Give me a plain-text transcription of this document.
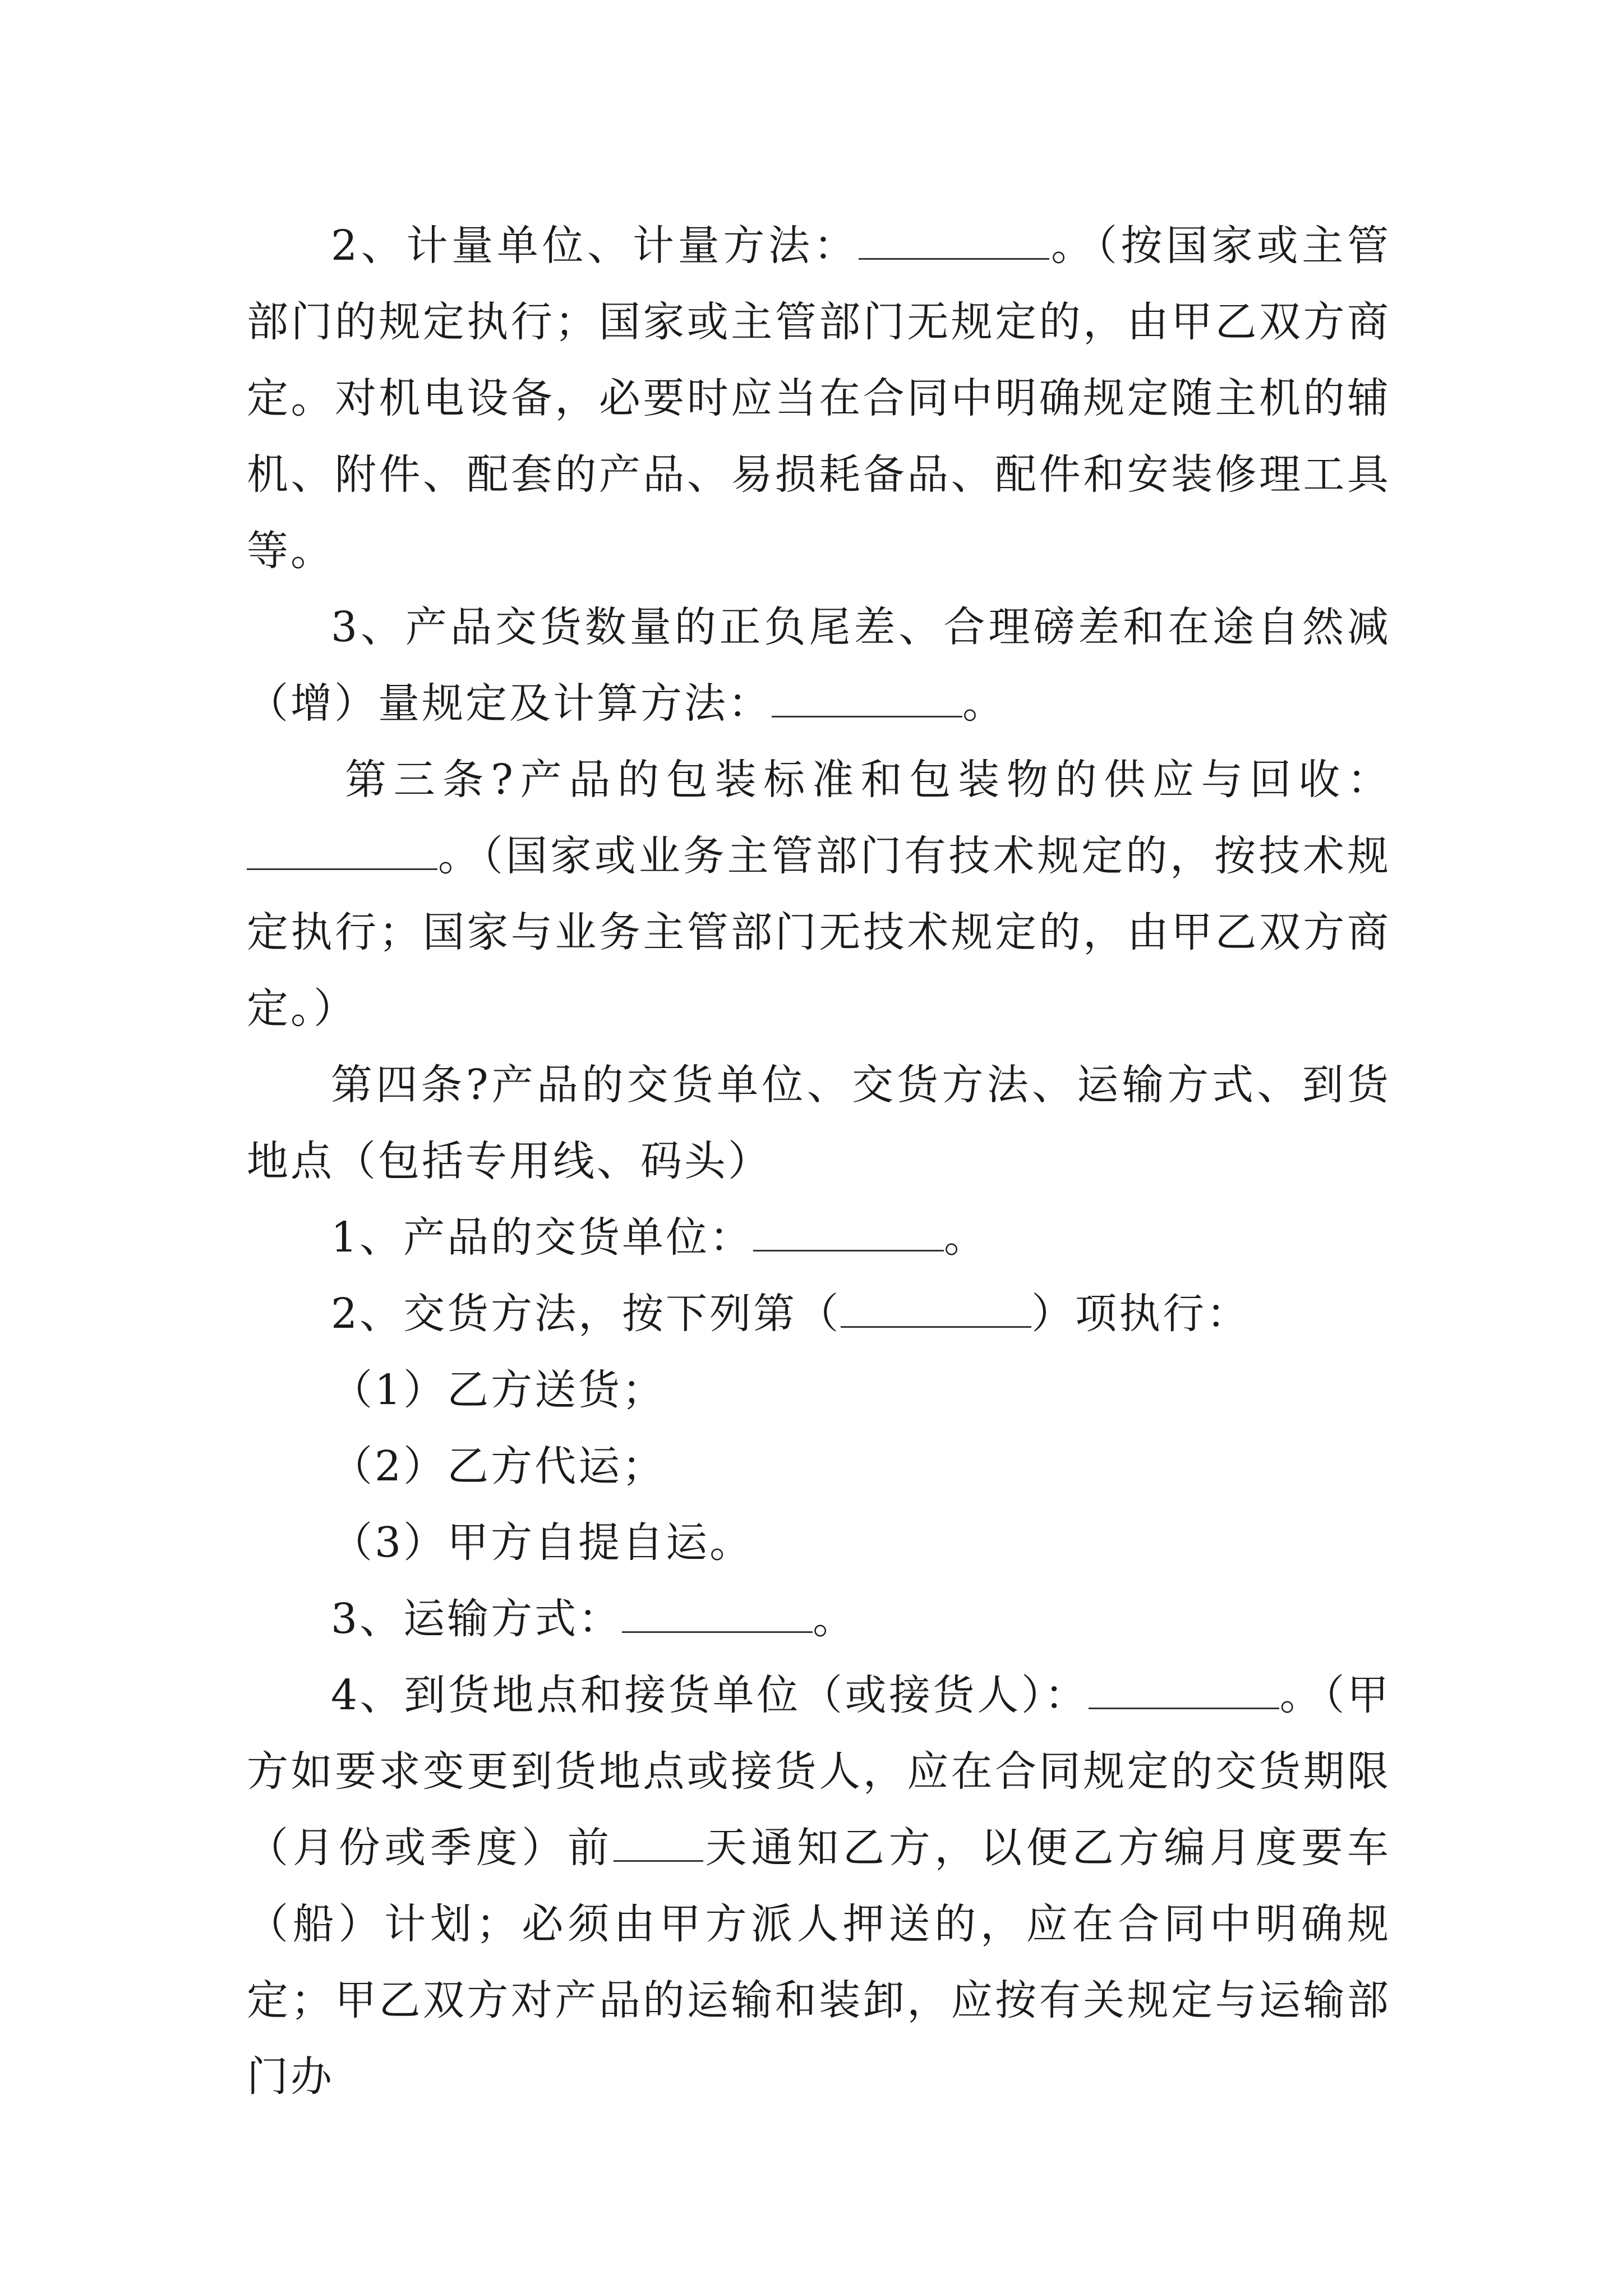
2、计量单位、计量方法：	。（按国家或主管部门的规定执行；国家或主管部门无规定的，由甲乙双方商定。对机电设备，必要时应当在合同中明确规定随主机的辅机、附件、配套的产品、易损耗备品、配件和安装修理工具等。

3、产品交货数量的正负尾差、合理磅差和在途自然减（增）量规定及计算方法：	。

第三条?产品的包装标准和包装物的供应与回收：。（国家或业务主管部门有技术规定的，按技术规定执行；国家与业务主管部门无技术规定的，由甲乙双方商定。）

第四条?产品的交货单位、交货方法、运输方式、到货地点（包括专用线、码头）

1、产品的交货单位：	。

2、交货方法，按下列第（	）项执行：

（1）乙方送货；

（2）乙方代运；

（3）甲方自提自运。

3、运输方式：	。

4、到货地点和接货单位（或接货人）：	。（甲方如要求变更到货地点或接货人，应在合同规定的交货期限（月份或季度）前 天通知乙方，以便乙方编月度要车（船）计划；必须由甲方派人押送的，应在合同中明确规定；甲乙双方对产品的运输和装卸，应按有关规定与运输部门办
